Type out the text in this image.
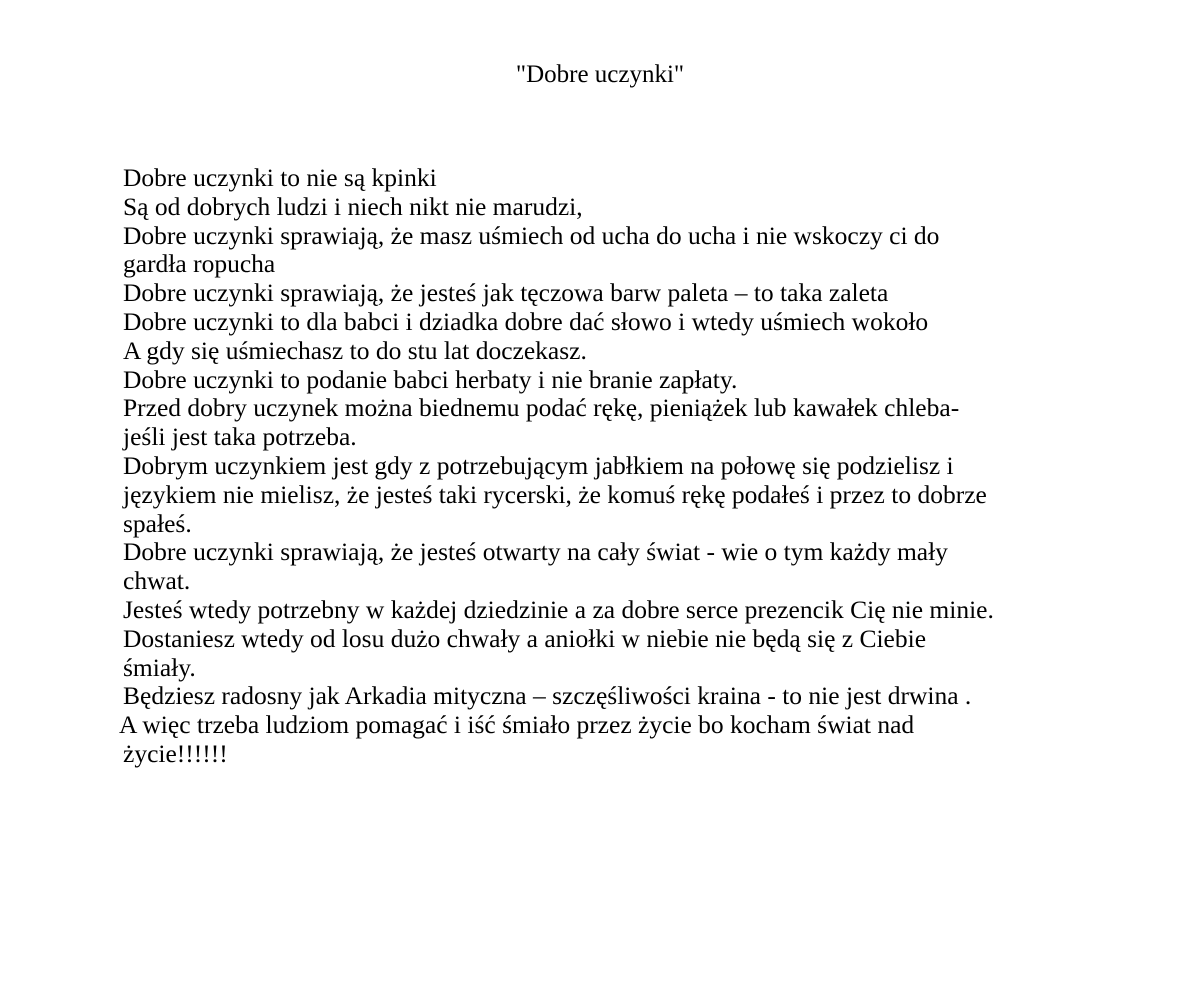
"Dobre uczynki"

Dobre uczynki to nie są kpinki

Są od dobrych ludzi i niech nikt nie marudzi,

Dobre uczynki sprawiają, że masz uśmiech od ucha do ucha i nie wskoczy ci do

gardła ropucha

Dobre uczynki sprawiają, że jesteś jak tęczowa barw paleta – to taka zaleta

Dobre uczynki to dla babci i dziadka dobre dać słowo i wtedy uśmiech wokoło

A gdy się uśmiechasz to do stu lat doczekasz.

Dobre uczynki to podanie babci herbaty i nie branie zapłaty.

Przed dobry uczynek można biednemu podać rękę, pieniążek lub kawałek chleba-

jeśli jest taka potrzeba.

Dobrym uczynkiem jest gdy z potrzebującym jabłkiem na połowę się podzielisz i

językiem nie mielisz, że jesteś taki rycerski, że komuś rękę podałeś i przez to dobrze

spałeś.

Dobre uczynki sprawiają, że jesteś otwarty na cały świat - wie o tym każdy mały

chwat.

Jesteś wtedy potrzebny w każdej dziedzinie a za dobre serce prezencik Cię nie minie.

Dostaniesz wtedy od losu dużo chwały a aniołki w niebie nie będą się z Ciebie

śmiały.

Będziesz radosny jak Arkadia mityczna – szczęśliwości kraina - to nie jest drwina .

A więc trzeba ludziom pomagać i iść śmiało przez życie bo kocham świat nad

życie!!!!!!
